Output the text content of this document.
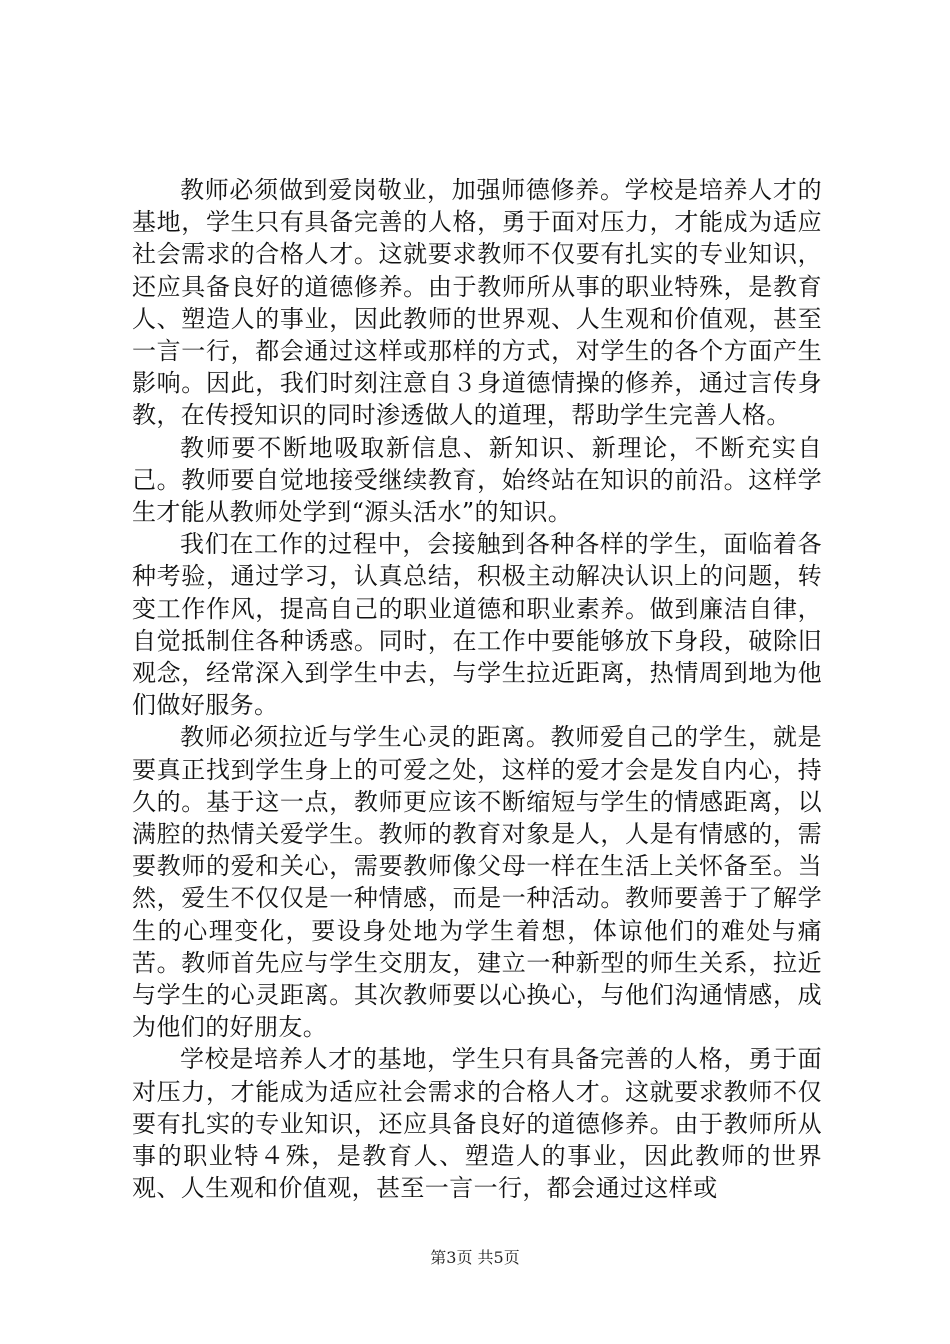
教师必须做到爱岗敬业，加强师德修养。学校是培养人才的基地，学生只有具备完善的人格，勇于面对压力，才能成为适应社会需求的合格人才。这就要求教师不仅要有扎实的专业知识，还应具备良好的道德修养。由于教师所从事的职业特殊，是教育人、塑造人的事业，因此教师的世界观、人生观和价值观，甚至一言一行，都会通过这样或那样的方式，对学生的各个方面产生影响。因此，我们时刻注意自３身道德情操的修养，通过言传身教，在传授知识的同时渗透做人的道理，帮助学生完善人格。

教师要不断地吸取新信息、新知识、新理论，不断充实自己。教师要自觉地接受继续教育，始终站在知识的前沿。这样学生才能从教师处学到“源头活水”的知识。

我们在工作的过程中，会接触到各种各样的学生，面临着各种考验，通过学习，认真总结，积极主动解决认识上的问题，转变工作作风，提高自己的职业道德和职业素养。做到廉洁自律，自觉抵制住各种诱惑。同时，在工作中要能够放下身段，破除旧观念，经常深入到学生中去，与学生拉近距离，热情周到地为他们做好服务。

教师必须拉近与学生心灵的距离。教师爱自己的学生，就是要真正找到学生身上的可爱之处，这样的爱才会是发自内心，持久的。基于这一点，教师更应该不断缩短与学生的情感距离，以满腔的热情关爱学生。教师的教育对象是人，人是有情感的，需要教师的爱和关心，需要教师像父母一样在生活上关怀备至。当然，爱生不仅仅是一种情感，而是一种活动。教师要善于了解学生的心理变化，要设身处地为学生着想，体谅他们的难处与痛苦。教师首先应与学生交朋友，建立一种新型的师生关系，拉近与学生的心灵距离。其次教师要以心换心，与他们沟通情感，成为他们的好朋友。

学校是培养人才的基地，学生只有具备完善的人格，勇于面对压力，才能成为适应社会需求的合格人才。这就要求教师不仅要有扎实的专业知识，还应具备良好的道德修养。由于教师所从事的职业特４殊，是教育人、塑造人的事业，因此教师的世界观、人生观和价值观，甚至一言一行，都会通过这样或

第3页 共5页
